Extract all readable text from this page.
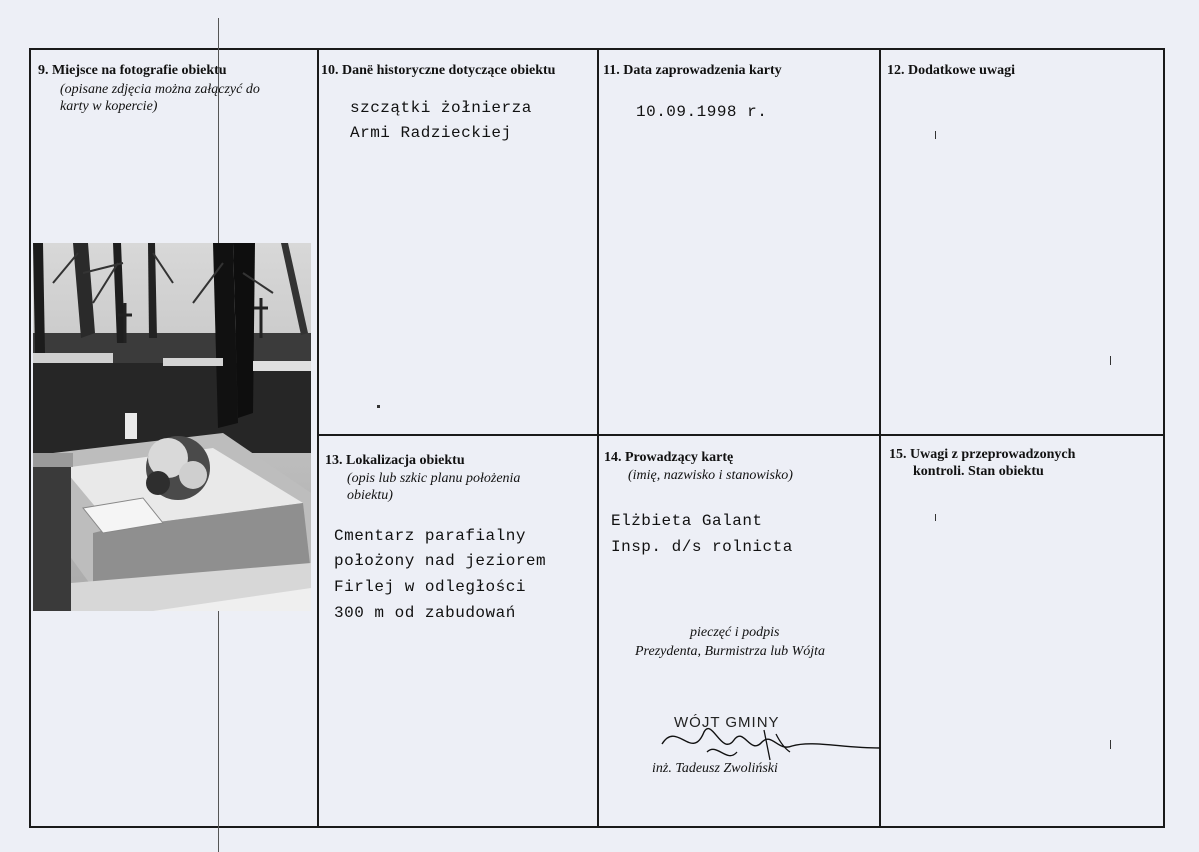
9. Miejsce na fotografie obiektu
(opisane zdjęcia można załączyć do karty w kopercie)
10. Danë historyczne dotyczące obiektu
szczątki żołnierza
Armi Radzieckiej
11. Data zaprowadzenia karty
10.09.1998 r.
12. Dodatkowe uwagi
13. Lokalizacja obiektu
(opis lub szkic planu położenia obiektu)
Cmentarz parafialny
położony nad jeziorem
Firlej w odległości
300 m od zabudowań
14. Prowadzący kartę
(imię, nazwisko i stanowisko)
Elżbieta Galant
Insp. d/s rolnicta
pieczęć i podpis
Prezydenta, Burmistrza lub Wójta
WÓJT GMINY
inż. Tadeusz Zwoliński
15. Uwagi z przeprowadzonych
kontroli. Stan obiektu
